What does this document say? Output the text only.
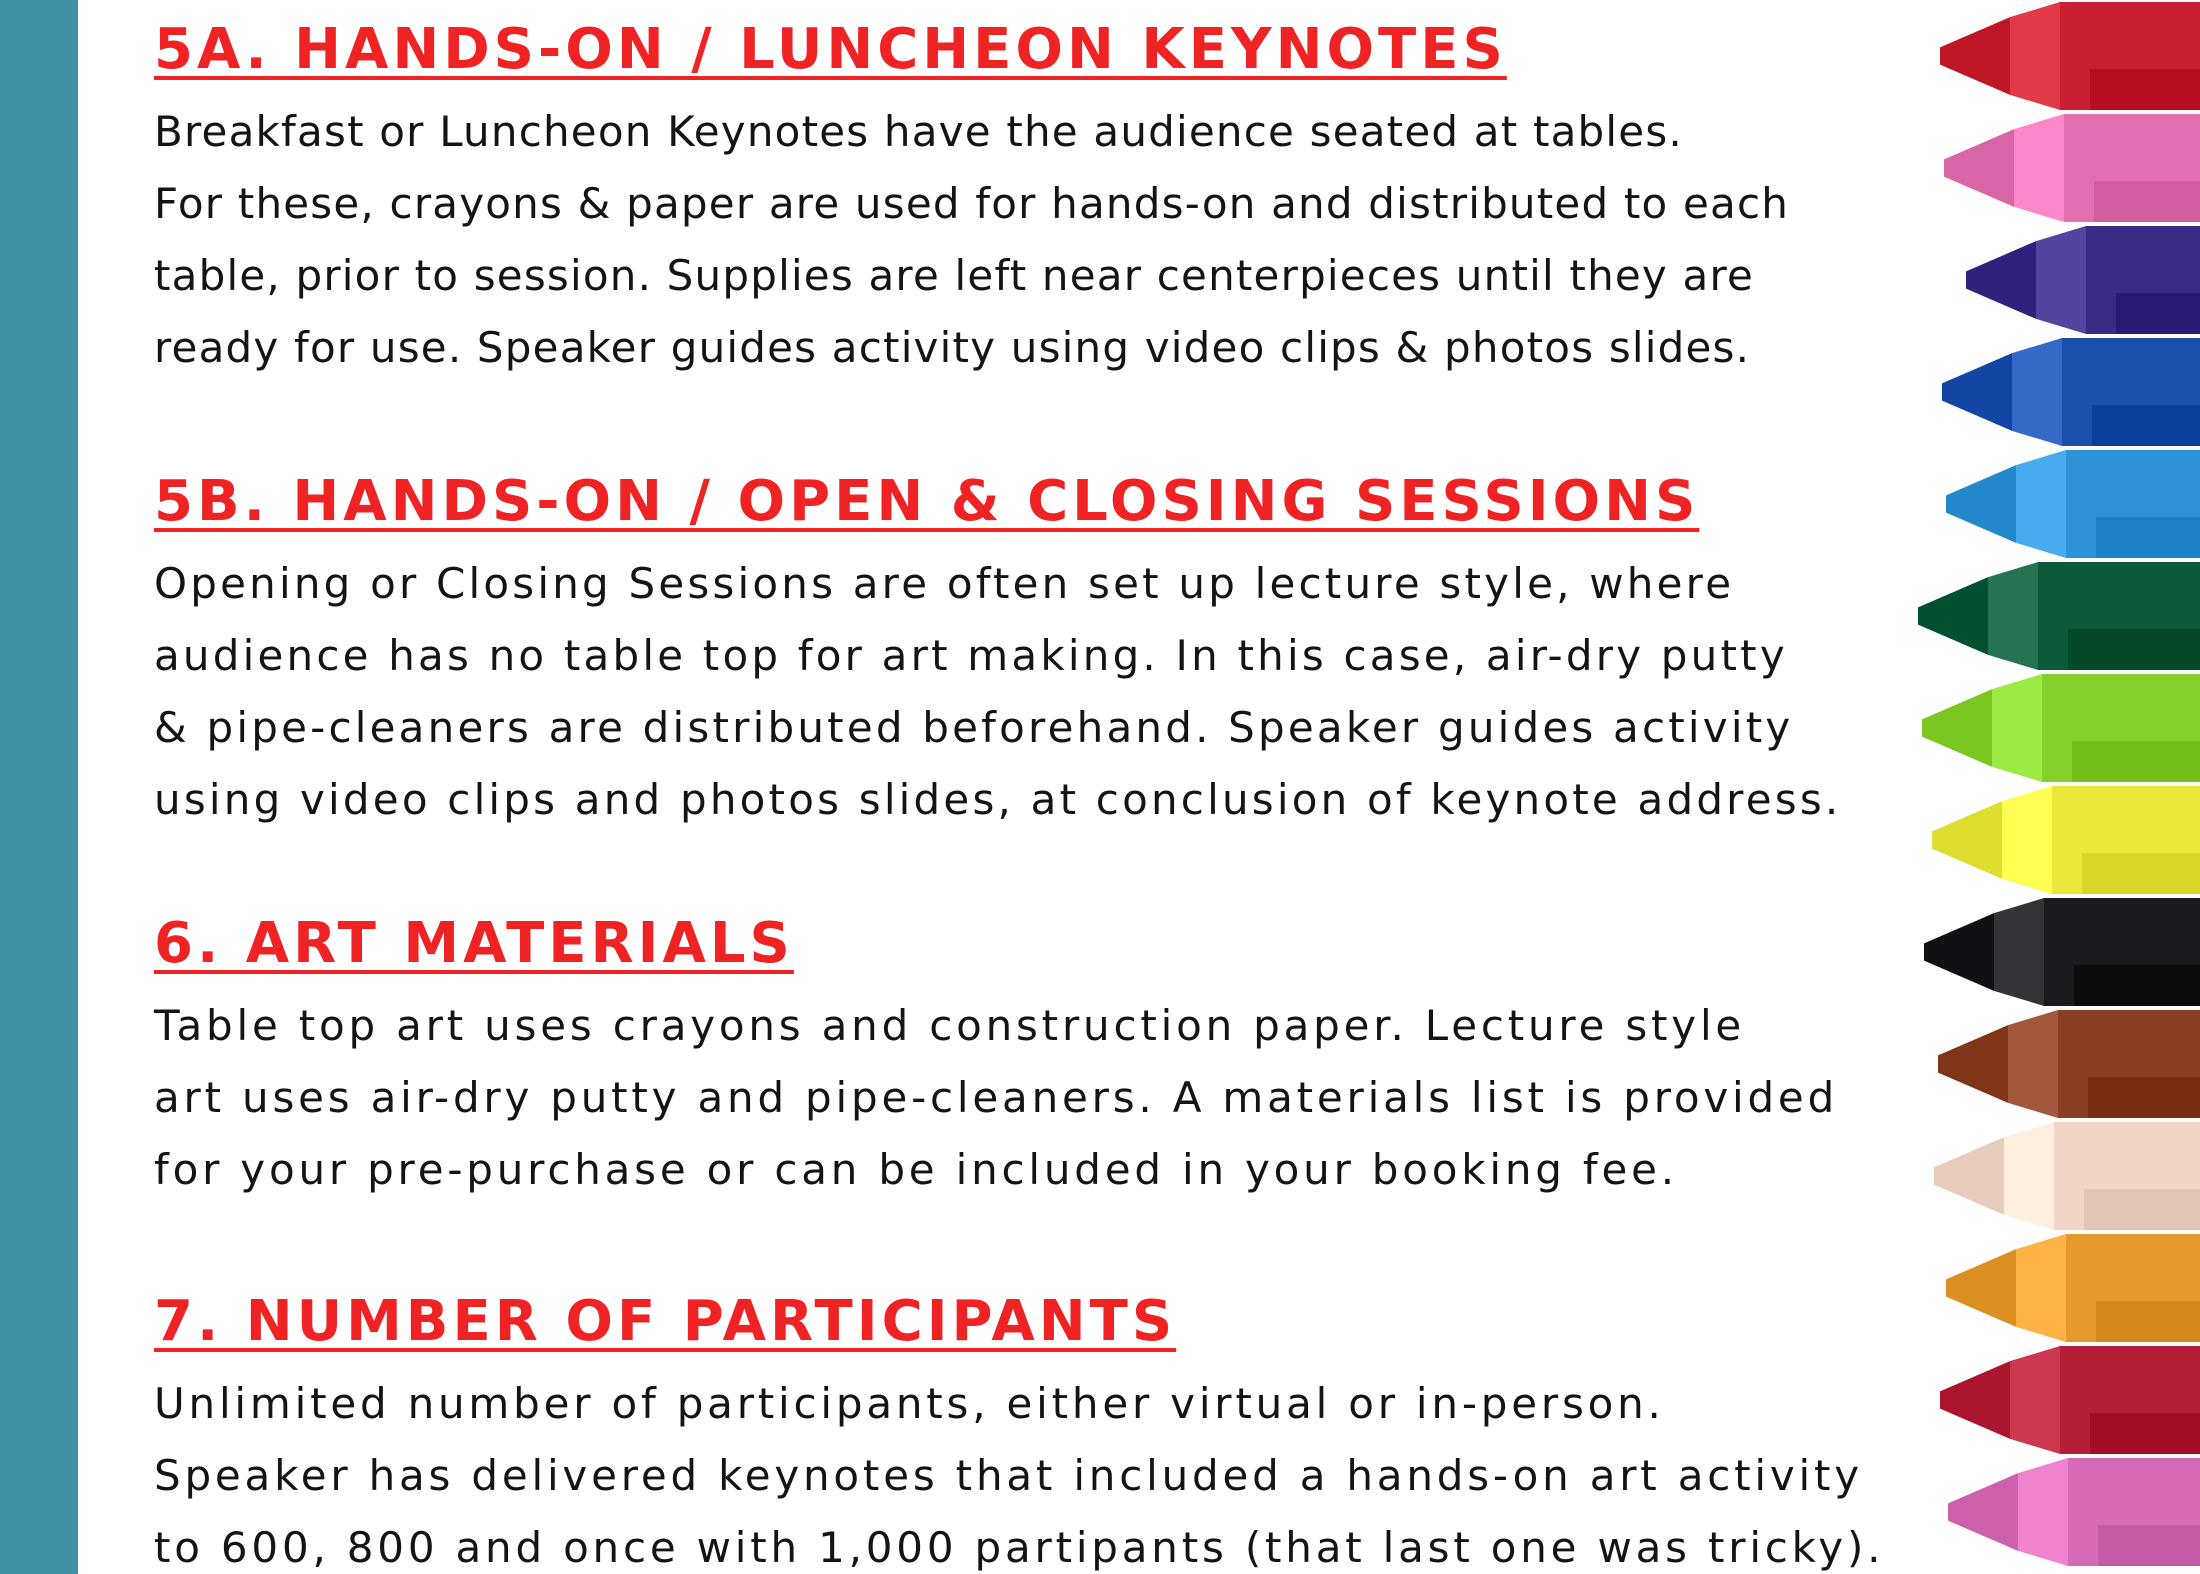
5A. HANDS-ON / LUNCHEON KEYNOTES

Breakfast or Luncheon Keynotes have the audience seated at tables.
For these, crayons & paper are used for hands-on and distributed to each
table, prior to session. Supplies are left near centerpieces until they are
ready for use. Speaker guides activity using video clips & photos slides.

5B. HANDS-ON / OPEN & CLOSING SESSIONS

Opening or Closing Sessions are often set up lecture style, where
audience has no table top for art making. In this case, air-dry putty
& pipe-cleaners are distributed beforehand. Speaker guides activity
using video clips and photos slides, at conclusion of keynote address.

6. ART MATERIALS

Table top art uses crayons and construction paper. Lecture style
art uses air-dry putty and pipe-cleaners. A materials list is provided
for your pre-purchase or can be included in your booking fee.

7. NUMBER OF PARTICIPANTS

Unlimited number of participants, either virtual or in-person.
Speaker has delivered keynotes that included a hands-on art activity
to 600, 800 and once with 1,000 partipants (that last one was tricky).
